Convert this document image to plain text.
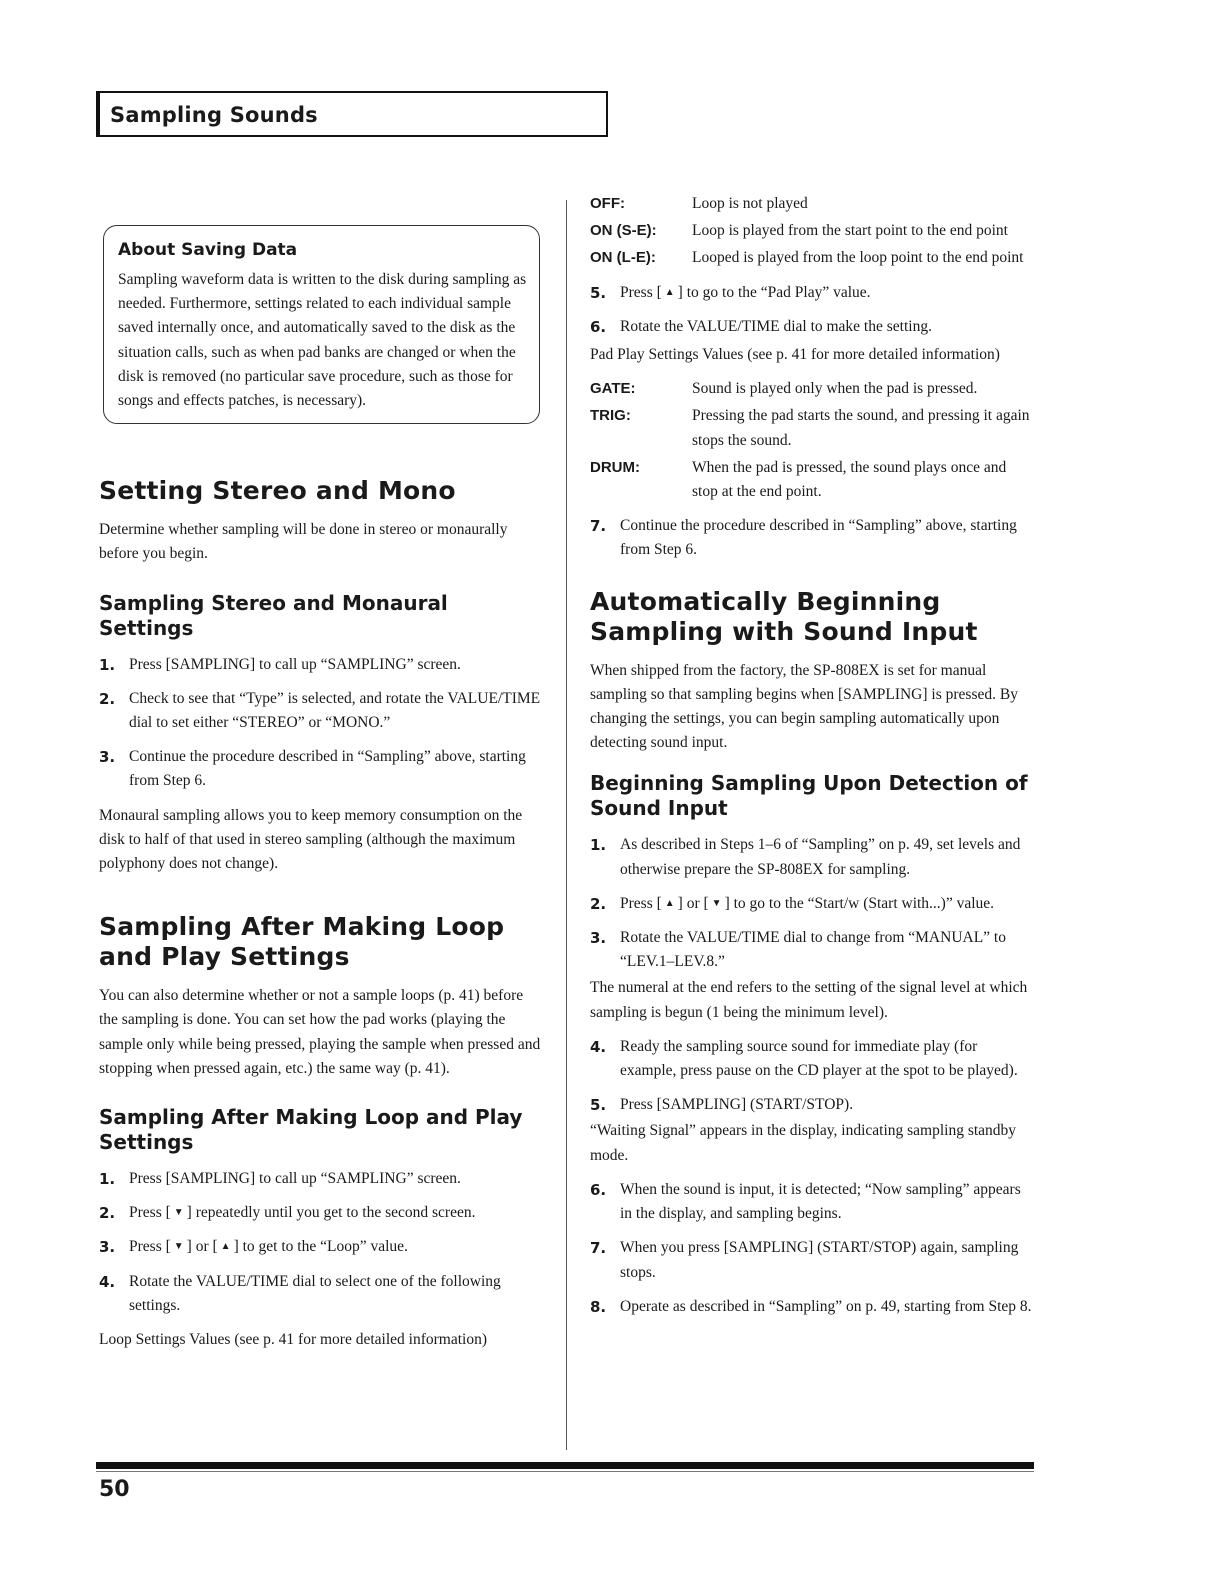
Sampling Sounds
About Saving Data
Sampling waveform data is written to the disk during sampling as needed. Furthermore, settings related to each individual sample saved internally once, and automatically saved to the disk as the situation calls, such as when pad banks are changed or when the disk is removed (no particular save procedure, such as those for songs and effects patches, is necessary).
Setting Stereo and Mono

Determine whether sampling will be done in stereo or monaurally before you begin.

Sampling Stereo and Monaural Settings
1. Press [SAMPLING] to call up “SAMPLING” screen.
2. Check to see that “Type” is selected, and rotate the VALUE/TIME dial to set either “STEREO” or “MONO.”
3. Continue the procedure described in “Sampling” above, starting from Step 6.

Monaural sampling allows you to keep memory consumption on the disk to half of that used in stereo sampling (although the maximum polyphony does not change).

Sampling After Making Loop and Play Settings

You can also determine whether or not a sample loops (p. 41) before the sampling is done. You can set how the pad works (playing the sample only while being pressed, playing the sample when pressed and stopping when pressed again, etc.) the same way (p. 41).

Sampling After Making Loop and Play Settings
1. Press [SAMPLING] to call up “SAMPLING” screen.
2. Press [ ▼ ] repeatedly until you get to the second screen.
3. Press [ ▼ ] or [ ▲ ] to get to the “Loop” value.
4. Rotate the VALUE/TIME dial to select one of the following settings.

Loop Settings Values (see p. 41 for more detailed information)

OFF:	Loop is not played
ON (S-E):	Loop is played from the start point to the end point
ON (L-E):	Looped is played from the loop point to the end point
5. Press [ ▲ ] to go to the “Pad Play” value.
6. Rotate the VALUE/TIME dial to make the setting.

Pad Play Settings Values (see p. 41 for more detailed information)

GATE:	Sound is played only when the pad is pressed.
TRIG:	Pressing the pad starts the sound, and pressing it again stops the sound.
DRUM:	When the pad is pressed, the sound plays once and stop at the end point.
7. Continue the procedure described in “Sampling” above, starting from Step 6.
Automatically Beginning Sampling with Sound Input

When shipped from the factory, the SP-808EX is set for manual sampling so that sampling begins when [SAMPLING] is pressed. By changing the settings, you can begin sampling automatically upon detecting sound input.

Beginning Sampling Upon Detection of Sound Input
1. As described in Steps 1–6 of “Sampling” on p. 49, set levels and otherwise prepare the SP-808EX for sampling.
2. Press [ ▲ ] or [ ▼ ] to go to the “Start/w (Start with...)” value.
3. Rotate the VALUE/TIME dial to change from “MANUAL” to “LEV.1–LEV.8.”

The numeral at the end refers to the setting of the signal level at which sampling is begun (1 being the minimum level).

4. Ready the sampling source sound for immediate play (for example, press pause on the CD player at the spot to be played).
5. Press [SAMPLING] (START/STOP).

“Waiting Signal” appears in the display, indicating sampling standby mode.

6. When the sound is input, it is detected; “Now sampling” appears in the display, and sampling begins.
7. When you press [SAMPLING] (START/STOP) again, sampling stops.
8. Operate as described in “Sampling” on p. 49, starting from Step 8.
50
